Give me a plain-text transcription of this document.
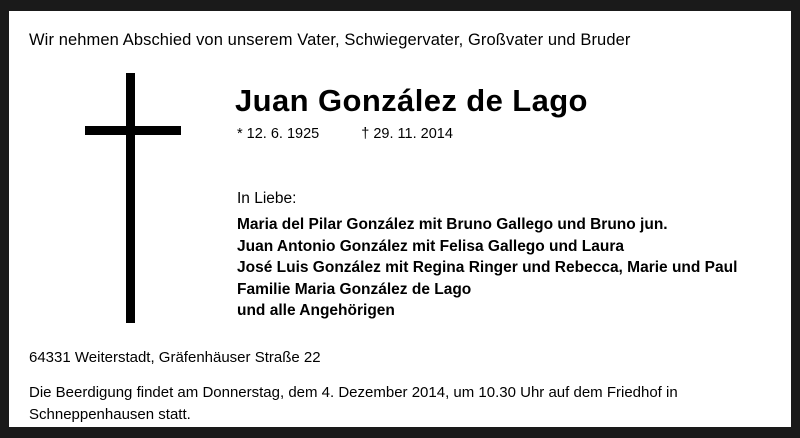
Wir nehmen Abschied von unserem Vater, Schwiegervater, Großvater und Bruder
Juan González de Lago
* 12. 6. 1925	† 29. 11. 2014
In Liebe:
Maria del Pilar González mit Bruno Gallego und Bruno jun.
Juan Antonio González mit Felisa Gallego und Laura
José Luis González mit Regina Ringer und Rebecca, Marie und Paul
Familie Maria González de Lago
und alle Angehörigen
64331 Weiterstadt, Gräfenhäuser Straße 22
Die Beerdigung findet am Donnerstag, dem 4. Dezember 2014, um 10.30 Uhr auf dem Friedhof in Schneppenhausen statt.
